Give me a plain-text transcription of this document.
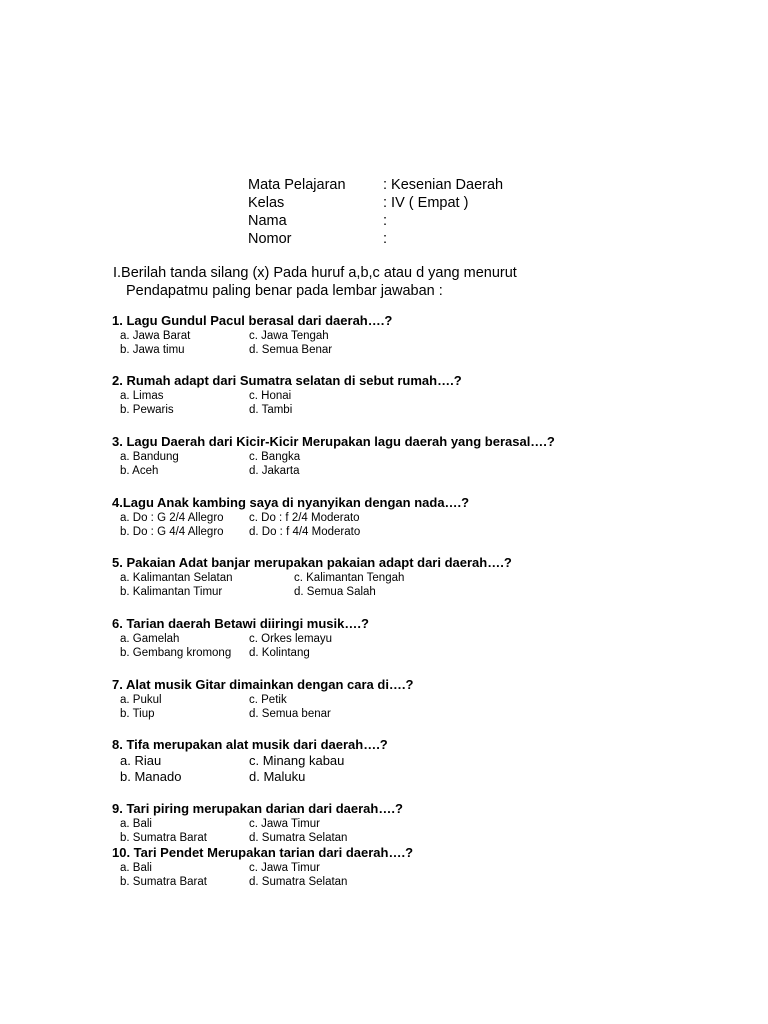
Mata Pelajaran	: Kesenian Daerah
Kelas	: IV ( Empat )
Nama	:
Nomor	:
I.Berilah tanda silang (x) Pada huruf a,b,c atau d yang menurut
Pendapatmu paling benar pada lembar jawaban :
1. Lagu Gundul Pacul berasal dari daerah….?
a. Jawa Barat	c. Jawa Tengah
b. Jawa timu	d. Semua Benar
2. Rumah adapt dari Sumatra selatan di sebut rumah….?
a. Limas	c. Honai
b. Pewaris	d. Tambi
3. Lagu Daerah dari Kicir-Kicir Merupakan lagu daerah yang berasal….?
a. Bandung	c. Bangka
b. Aceh	d. Jakarta
4.Lagu Anak kambing saya di nyanyikan dengan nada….?
a. Do : G 2/4 Allegro c. Do : f 2/4 Moderato
b. Do : G 4/4 Allegro d. Do : f 4/4 Moderato
5. Pakaian Adat banjar merupakan pakaian adapt dari daerah….?
a. Kalimantan Selatan	c. Kalimantan Tengah
b. Kalimantan Timur	d. Semua Salah
6. Tarian daerah Betawi diiringi musik….?
a. Gamelah	c. Orkes lemayu
b. Gembang kromong d. Kolintang
7. Alat musik Gitar dimainkan dengan cara di….?
a. Pukul	c. Petik
b. Tiup	d. Semua benar
8. Tifa merupakan alat musik dari daerah….?
a. Riau	c. Minang kabau
b. Manado	d. Maluku
9. Tari piring merupakan darian dari daerah….?
a. Bali	c. Jawa Timur
b. Sumatra Barat	d. Sumatra Selatan
10. Tari Pendet Merupakan tarian dari daerah….?
a. Bali	c. Jawa Timur
b. Sumatra Barat	d. Sumatra Selatan
